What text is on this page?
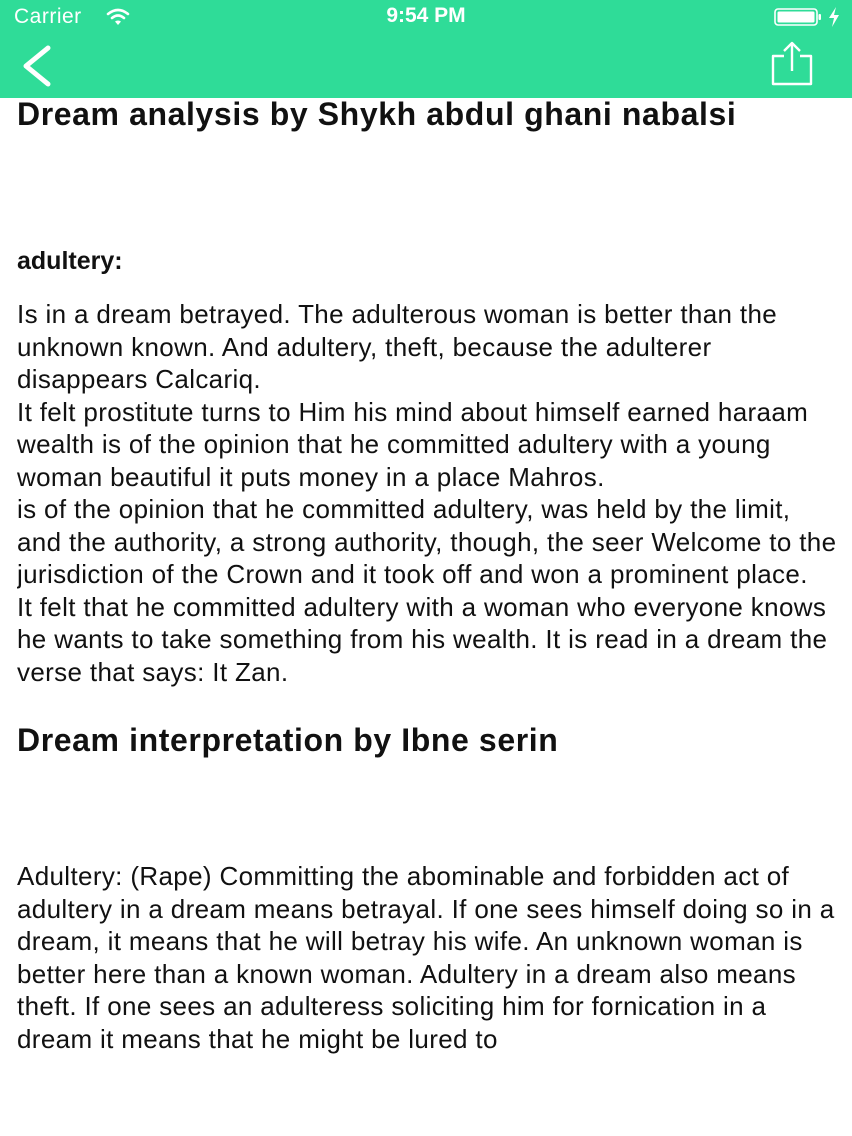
Carrier	9:54 PM
Dream analysis by Shykh abdul ghani nabalsi
adultery:

Is in a dream betrayed. The adulterous woman is better than the unknown known. And adultery, theft, because the adulterer disappears Calcariq.
It felt prostitute turns to Him his mind about himself earned haraam wealth is of the opinion that he committed adultery with a young woman beautiful it puts money in a place Mahros.
is of the opinion that he committed adultery, was held by the limit, and the authority, a strong authority, though, the seer Welcome to the jurisdiction of the Crown and it took off and won a prominent place.
It felt that he committed adultery with a woman who everyone knows he wants to take something from his wealth. It is read in a dream the verse that says: It Zan.

Dream interpretation by Ibne serin

Adultery: (Rape) Committing the abominable and forbidden act of adultery in a dream means betrayal. If one sees himself doing so in a dream, it means that he will betray his wife. An unknown woman is better here than a known woman. Adultery in a dream also means theft. If one sees an adulteress soliciting him for fornication in a dream it means that he might be lured to
